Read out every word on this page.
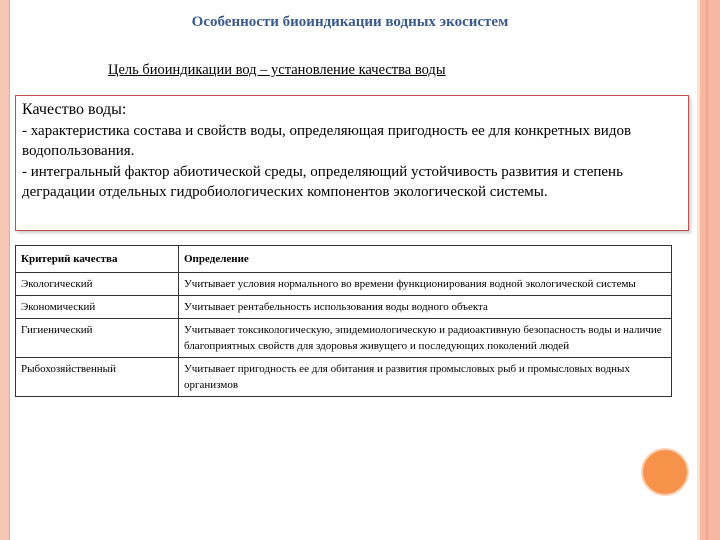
Особенности биоиндикации водных экосистем
Цель биоиндикации вод – установление качества воды
Качество воды:
- характеристика состава и свойств воды, определяющая пригодность ее для конкретных видов водопользования.
- интегральный фактор абиотической среды, определяющий устойчивость развития и степень деградации отдельных гидробиологических компонентов экологической системы.
Критерий качества	Определение
Экологический	Учитывает условия нормального во времени функционирования водной экологической системы
Экономический	Учитывает рентабельность использования воды водного объекта
Гигиенический	Учитывает токсикологическую, эпидемиологическую и радиоактивную безопасность воды и наличие благоприятных свойств для здоровья живущего и последующих поколений людей
Рыбохозяйственный	Учитывает пригодность ее для обитания и развития промысловых рыб и промысловых водных организмов
